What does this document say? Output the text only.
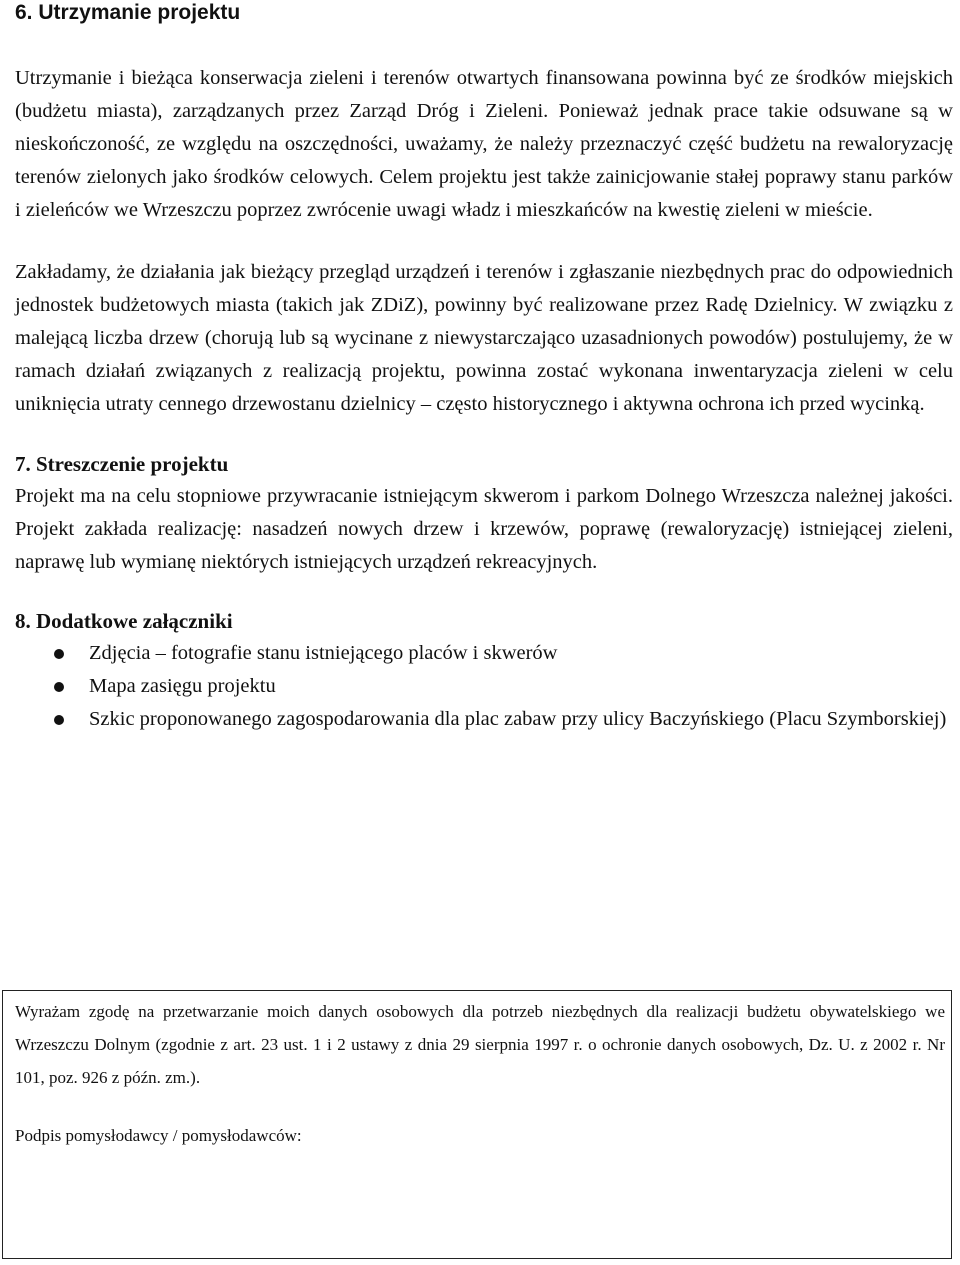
6. Utrzymanie projektu

Utrzymanie i bieżąca konserwacja zieleni i terenów otwartych finansowana powinna być ze środków miejskich (budżetu miasta), zarządzanych przez Zarząd Dróg i Zieleni. Ponieważ jednak prace takie odsuwane są w nieskończoność, ze względu na oszczędności, uważamy, że należy przeznaczyć część budżetu na rewaloryzację terenów zielonych jako środków celowych. Celem projektu jest także zainicjowanie stałej poprawy stanu parków i zieleńców we Wrzeszczu poprzez zwrócenie uwagi władz i mieszkańców na kwestię zieleni w mieście.

Zakładamy, że działania jak bieżący przegląd urządzeń i terenów i zgłaszanie niezbędnych prac do odpowiednich jednostek budżetowych miasta (takich jak ZDiZ), powinny być realizowane przez Radę Dzielnicy. W związku z malejącą liczba drzew (chorują lub są wycinane z niewystarczająco uzasadnionych powodów) postulujemy, że w ramach działań związanych z realizacją projektu, powinna zostać wykonana inwentaryzacja zieleni w celu uniknięcia utraty cennego drzewostanu dzielnicy – często historycznego i aktywna ochrona ich przed wycinką.

7. Streszczenie projektu

Projekt ma na celu stopniowe przywracanie istniejącym skwerom i parkom Dolnego Wrzeszcza należnej jakości. Projekt zakłada realizację: nasadzeń nowych drzew i krzewów, poprawę (rewaloryzację) istniejącej zieleni, naprawę lub wymianę niektórych istniejących urządzeń rekreacyjnych.

8. Dodatkowe załączniki
Zdjęcia – fotografie stanu istniejącego placów i skwerów
Mapa zasięgu projektu
Szkic proponowanego zagospodarowania dla plac zabaw przy ulicy Baczyńskiego (Placu Szymborskiej)

Wyrażam zgodę na przetwarzanie moich danych osobowych dla potrzeb niezbędnych dla realizacji budżetu obywatelskiego we Wrzeszczu Dolnym (zgodnie z art. 23 ust. 1 i 2 ustawy z dnia 29 sierpnia 1997 r. o ochronie danych osobowych, Dz. U. z 2002 r. Nr 101, poz. 926 z późn. zm.).

Podpis pomysłodawcy / pomysłodawców:
